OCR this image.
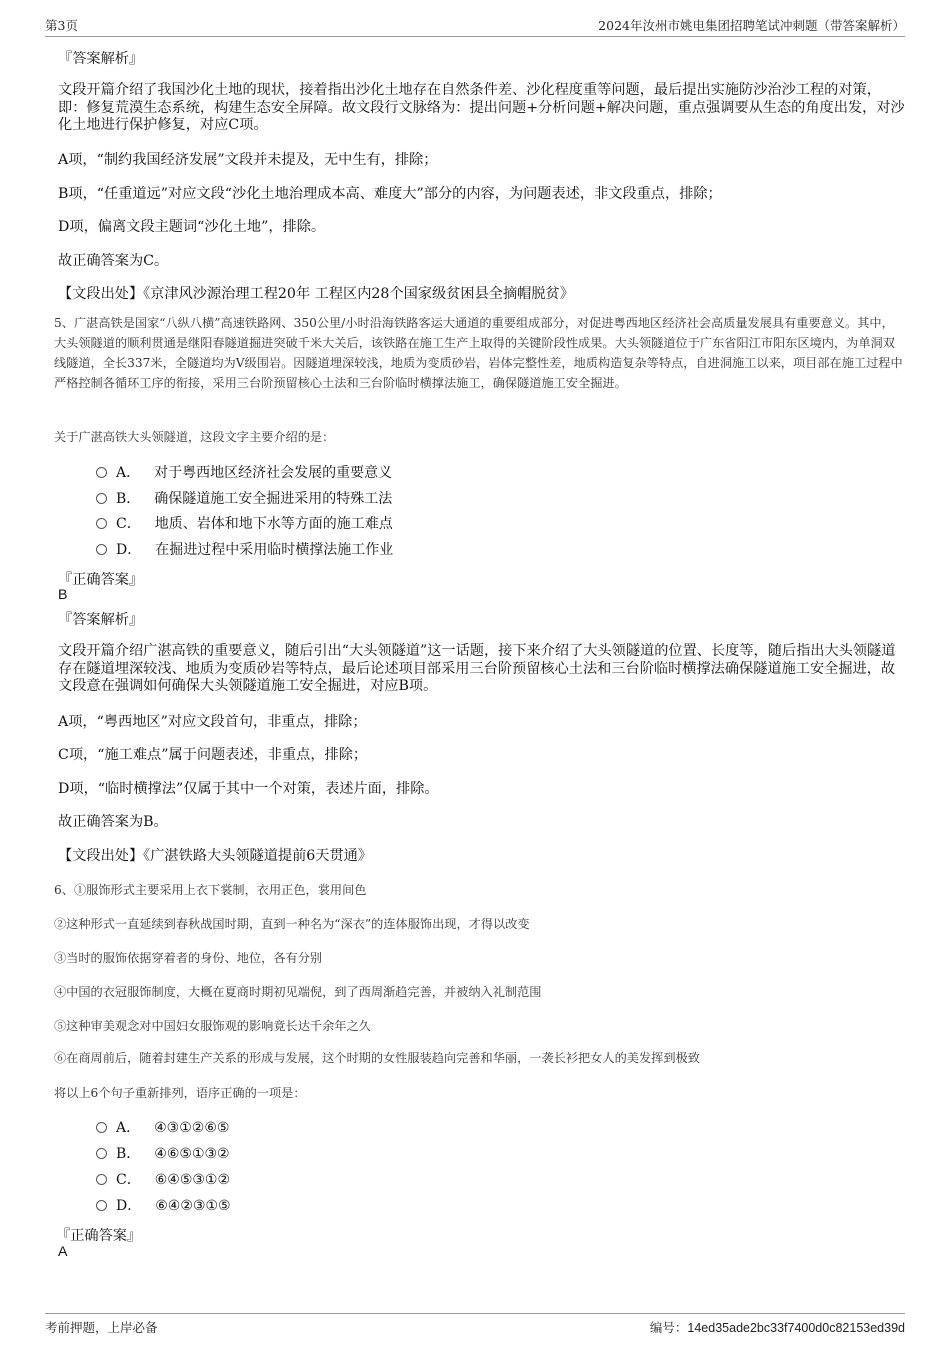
第3页	2024年汝州市姚电集团招聘笔试冲刺题（带答案解析）
『答案解析』
文段开篇介绍了我国沙化土地的现状，接着指出沙化土地存在自然条件差、沙化程度重等问题，最后提出实施防沙治沙工程的对策，即：修复荒漠生态系统，构建生态安全屏障。故文段行文脉络为：提出问题+分析问题+解决问题，重点强调要从生态的角度出发，对沙化土地进行保护修复，对应C项。
A项，“制约我国经济发展”文段并未提及，无中生有，排除；
B项，“任重道远”对应文段“沙化土地治理成本高、难度大”部分的内容，为问题表述，非文段重点，排除；
D项，偏离文段主题词“沙化土地”，排除。
故正确答案为C。
【文段出处】《京津风沙源治理工程20年 工程区内28个国家级贫困县全摘帽脱贫》
5、广湛高铁是国家“八纵八横”高速铁路网、350公里/小时沿海铁路客运大通道的重要组成部分，对促进粤西地区经济社会高质量发展具有重要意义。其中，大头领隧道的顺利贯通是继阳春隧道掘进突破千米大关后，该铁路在施工生产上取得的关键阶段性成果。大头领隧道位于广东省阳江市阳东区境内，为单洞双线隧道，全长337米，全隧道均为V级围岩。因隧道埋深较浅，地质为变质砂岩，岩体完整性差，地质构造复杂等特点，自进洞施工以来，项目部在施工过程中严格控制各循环工序的衔接，采用三台阶预留核心土法和三台阶临时横撑法施工，确保隧道施工安全掘进。
关于广湛高铁大头领隧道，这段文字主要介绍的是：
A． 对于粤西地区经济社会发展的重要意义
B． 确保隧道施工安全掘进采用的特殊工法
C． 地质、岩体和地下水等方面的施工难点
D． 在掘进过程中采用临时横撑法施工作业
『正确答案』
B
『答案解析』
文段开篇介绍广湛高铁的重要意义，随后引出“大头领隧道”这一话题，接下来介绍了大头领隧道的位置、长度等，随后指出大头领隧道存在隧道埋深较浅、地质为变质砂岩等特点，最后论述项目部采用三台阶预留核心土法和三台阶临时横撑法确保隧道施工安全掘进，故文段意在强调如何确保大头领隧道施工安全掘进，对应B项。
A项，“粤西地区”对应文段首句，非重点，排除；
C项，“施工难点”属于问题表述，非重点，排除；
D项，“临时横撑法”仅属于其中一个对策，表述片面，排除。
故正确答案为B。
【文段出处】《广湛铁路大头领隧道提前6天贯通》
6、①服饰形式主要采用上衣下裳制，衣用正色，裳用间色
②这种形式一直延续到春秋战国时期，直到一种名为“深衣”的连体服饰出现，才得以改变
③当时的服饰依据穿着者的身份、地位，各有分别
④中国的衣冠服饰制度，大概在夏商时期初见端倪，到了西周渐趋完善，并被纳入礼制范围
⑤这种审美观念对中国妇女服饰观的影响竟长达千余年之久
⑥在商周前后，随着封建生产关系的形成与发展，这个时期的女性服装趋向完善和华丽，一袭长衫把女人的美发挥到极致
将以上6个句子重新排列，语序正确的一项是：
A． ④③①②⑥⑤
B． ④⑥⑤①③②
C． ⑥④⑤③①②
D． ⑥④②③①⑤
『正确答案』
A
考前押题，上岸必备	编号：14ed35ade2bc33f7400d0c82153ed39d
